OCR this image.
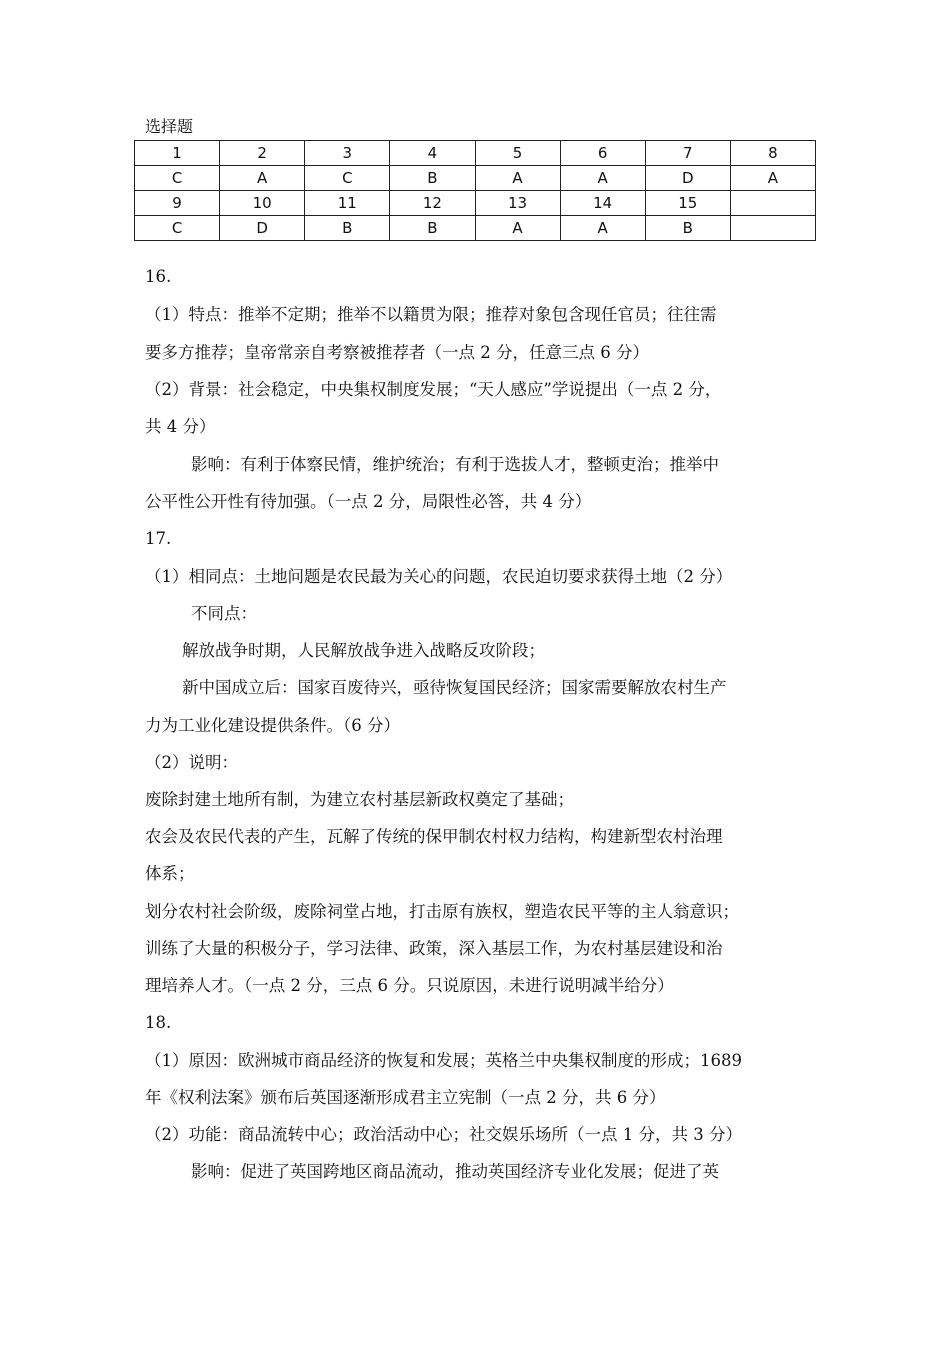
选择题
1	2	3	4	5	6	7	8
C	A	C	B	A	A	D	A
9	10	11	12	13	14	15	
C	D	B	B	A	A	B	
16.
（1）特点：推举不定期；推举不以籍贯为限；推荐对象包含现任官员；往往需
要多方推荐；皇帝常亲自考察被推荐者（一点 2 分，任意三点 6 分）
（2）背景：社会稳定，中央集权制度发展；“天人感应”学说提出（一点 2 分，
共 4 分）
影响：有利于体察民情，维护统治；有利于选拔人才，整顿吏治；推举中
公平性公开性有待加强。（一点 2 分，局限性必答，共 4 分）
17.
（1）相同点：土地问题是农民最为关心的问题，农民迫切要求获得土地（2 分）
不同点：
解放战争时期，人民解放战争进入战略反攻阶段；
新中国成立后：国家百废待兴，亟待恢复国民经济；国家需要解放农村生产
力为工业化建设提供条件。（6 分）
（2）说明：
废除封建土地所有制，为建立农村基层新政权奠定了基础；
农会及农民代表的产生，瓦解了传统的保甲制农村权力结构，构建新型农村治理
体系；
划分农村社会阶级，废除祠堂占地，打击原有族权，塑造农民平等的主人翁意识；
训练了大量的积极分子，学习法律、政策，深入基层工作，为农村基层建设和治
理培养人才。（一点 2 分，三点 6 分。只说原因，未进行说明减半给分）
18.
（1）原因：欧洲城市商品经济的恢复和发展；英格兰中央集权制度的形成；1689
年《权利法案》颁布后英国逐渐形成君主立宪制（一点 2 分，共 6 分）
（2）功能：商品流转中心；政治活动中心；社交娱乐场所（一点 1 分，共 3 分）
影响：促进了英国跨地区商品流动，推动英国经济专业化发展；促进了英
